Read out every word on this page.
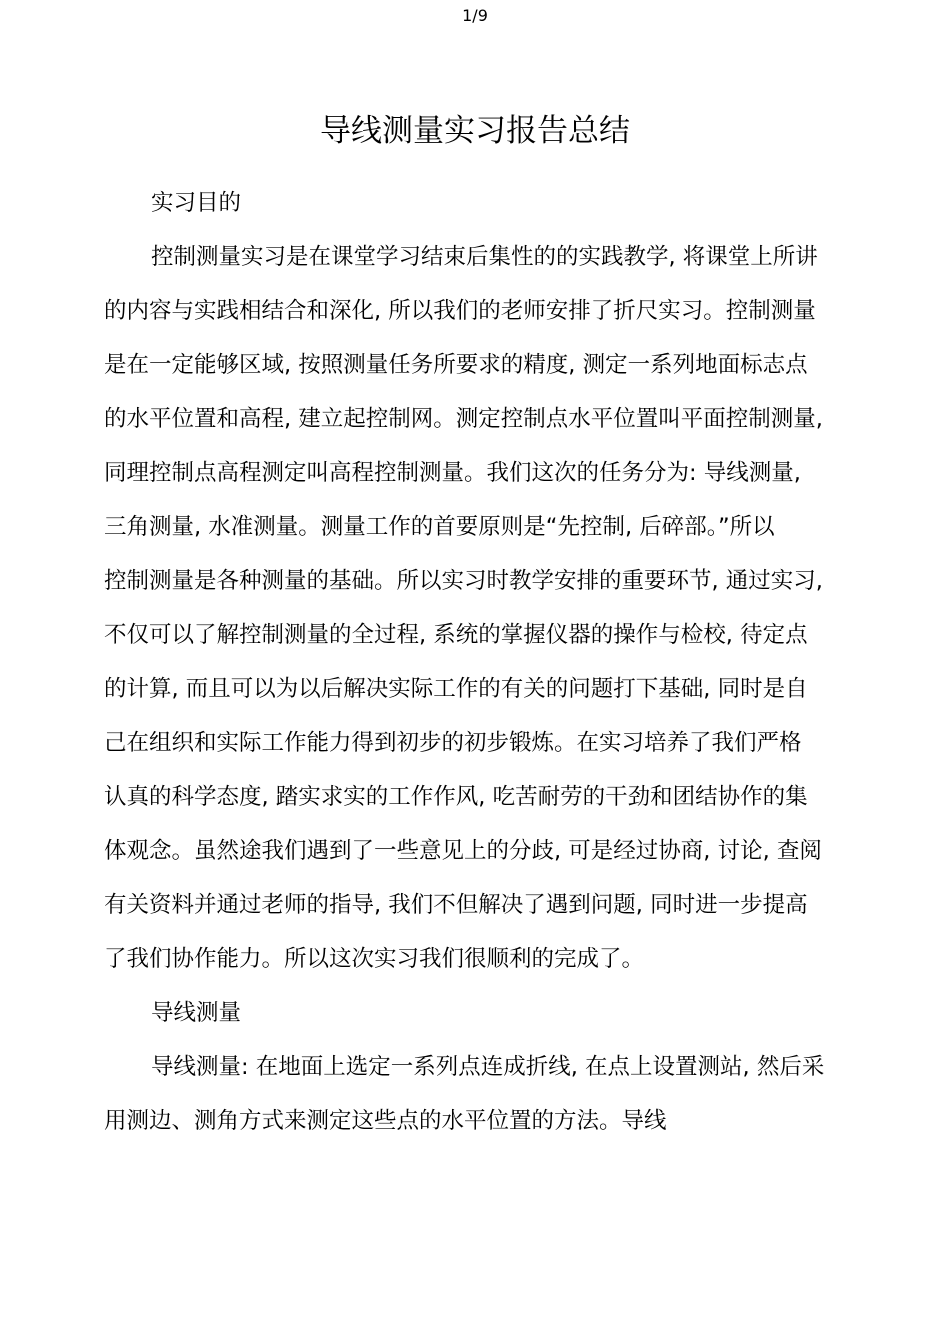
1/9
导线测量实习报告总结
实习目的
控制测量实习是在课堂学习结束后集性的的实践教学, 将课堂上所讲
的内容与实践相结合和深化, 所以我们的老师安排了折尺实习。控制测量
是在一定能够区域, 按照测量任务所要求的精度, 测定一系列地面标志点
的水平位置和高程, 建立起控制网。测定控制点水平位置叫平面控制测量,
同理控制点高程测定叫高程控制测量。我们这次的任务分为: 导线测量,
三角测量, 水准测量。测量工作的首要原则是“先控制, 后碎部。”所以
控制测量是各种测量的基础。所以实习时教学安排的重要环节, 通过实习,
不仅可以了解控制测量的全过程, 系统的掌握仪器的操作与检校, 待定点
的计算, 而且可以为以后解决实际工作的有关的问题打下基础, 同时是自
己在组织和实际工作能力得到初步的初步锻炼。在实习培养了我们严格
认真的科学态度, 踏实求实的工作作风, 吃苦耐劳的干劲和团结协作的集
体观念。虽然途我们遇到了一些意见上的分歧, 可是经过协商, 讨论, 查阅
有关资料并通过老师的指导, 我们不但解决了遇到问题, 同时进一步提高
了我们协作能力。所以这次实习我们很顺利的完成了。
导线测量
导线测量: 在地面上选定一系列点连成折线, 在点上设置测站, 然后采
用测边、测角方式来测定这些点的水平位置的方法。导线
